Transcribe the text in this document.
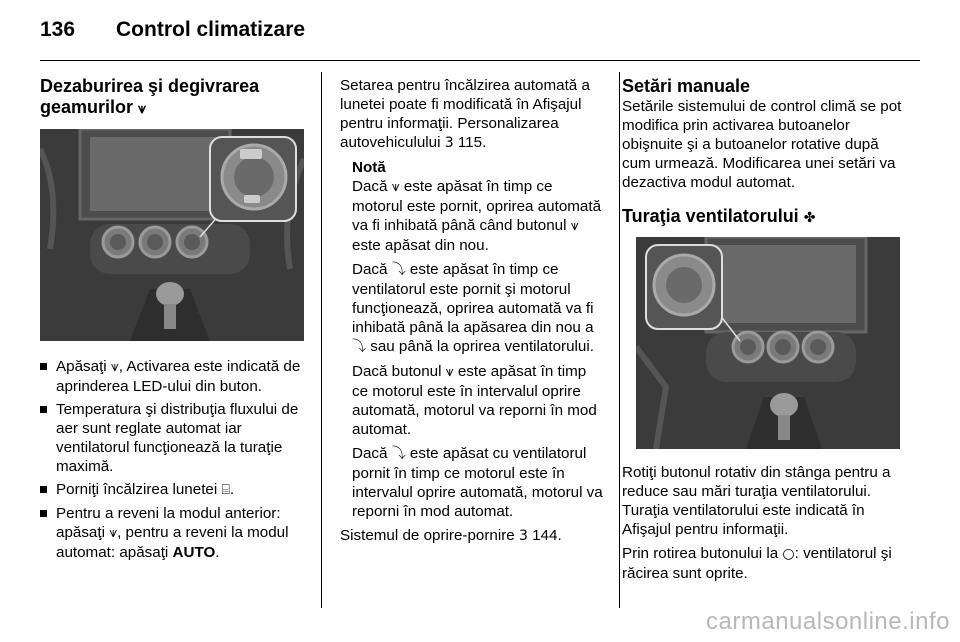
136 Control climatizare
Dezaburirea şi degivrarea geamurilor ⩛
Apăsaţi ⩛, Activarea este indicată de aprinderea LED-ului din buton.
Temperatura şi distribuţia fluxului de aer sunt reglate automat iar ventilatorul funcţionează la turaţie maximă.
Porniţi încălzirea lunetei ⌸.
Pentru a reveni la modul anterior: apăsaţi ⩛, pentru a reveni la modul automat: apăsaţi AUTO.

Setarea pentru încălzirea automată a lunetei poate fi modificată în Afişajul pentru informaţii. Personalizarea autovehiculului 3 115.

Notă

Dacă ⩛ este apăsat în timp ce motorul este pornit, oprirea automată va fi inhibată până când butonul ⩛ este apăsat din nou.

Dacă ⤵ este apăsat în timp ce ventilatorul este pornit şi motorul funcţionează, oprirea automată va fi inhibată până la apăsarea din nou a ⤵ sau până la oprirea ventilatorului.

Dacă butonul ⩛ este apăsat în timp ce motorul este în intervalul oprire automată, motorul va reporni în mod automat.

Dacă ⤵ este apăsat cu ventilatorul pornit în timp ce motorul este în intervalul oprire automată, motorul va reporni în mod automat.

Sistemul de oprire-pornire 3 144.

Setări manuale

Setările sistemului de control climă se pot modifica prin activarea butoanelor obişnuite şi a butoanelor rotative după cum urmează. Modificarea unei setări va dezactiva modul automat.

Turaţia ventilatorului ✤

Rotiţi butonul rotativ din stânga pentru a reduce sau mări turaţia ventilatorului. Turaţia ventilatorului este indicată în Afişajul pentru informaţii.

Prin rotirea butonului la ○: ventilatorul şi răcirea sunt oprite.

carmanualsonline.info
